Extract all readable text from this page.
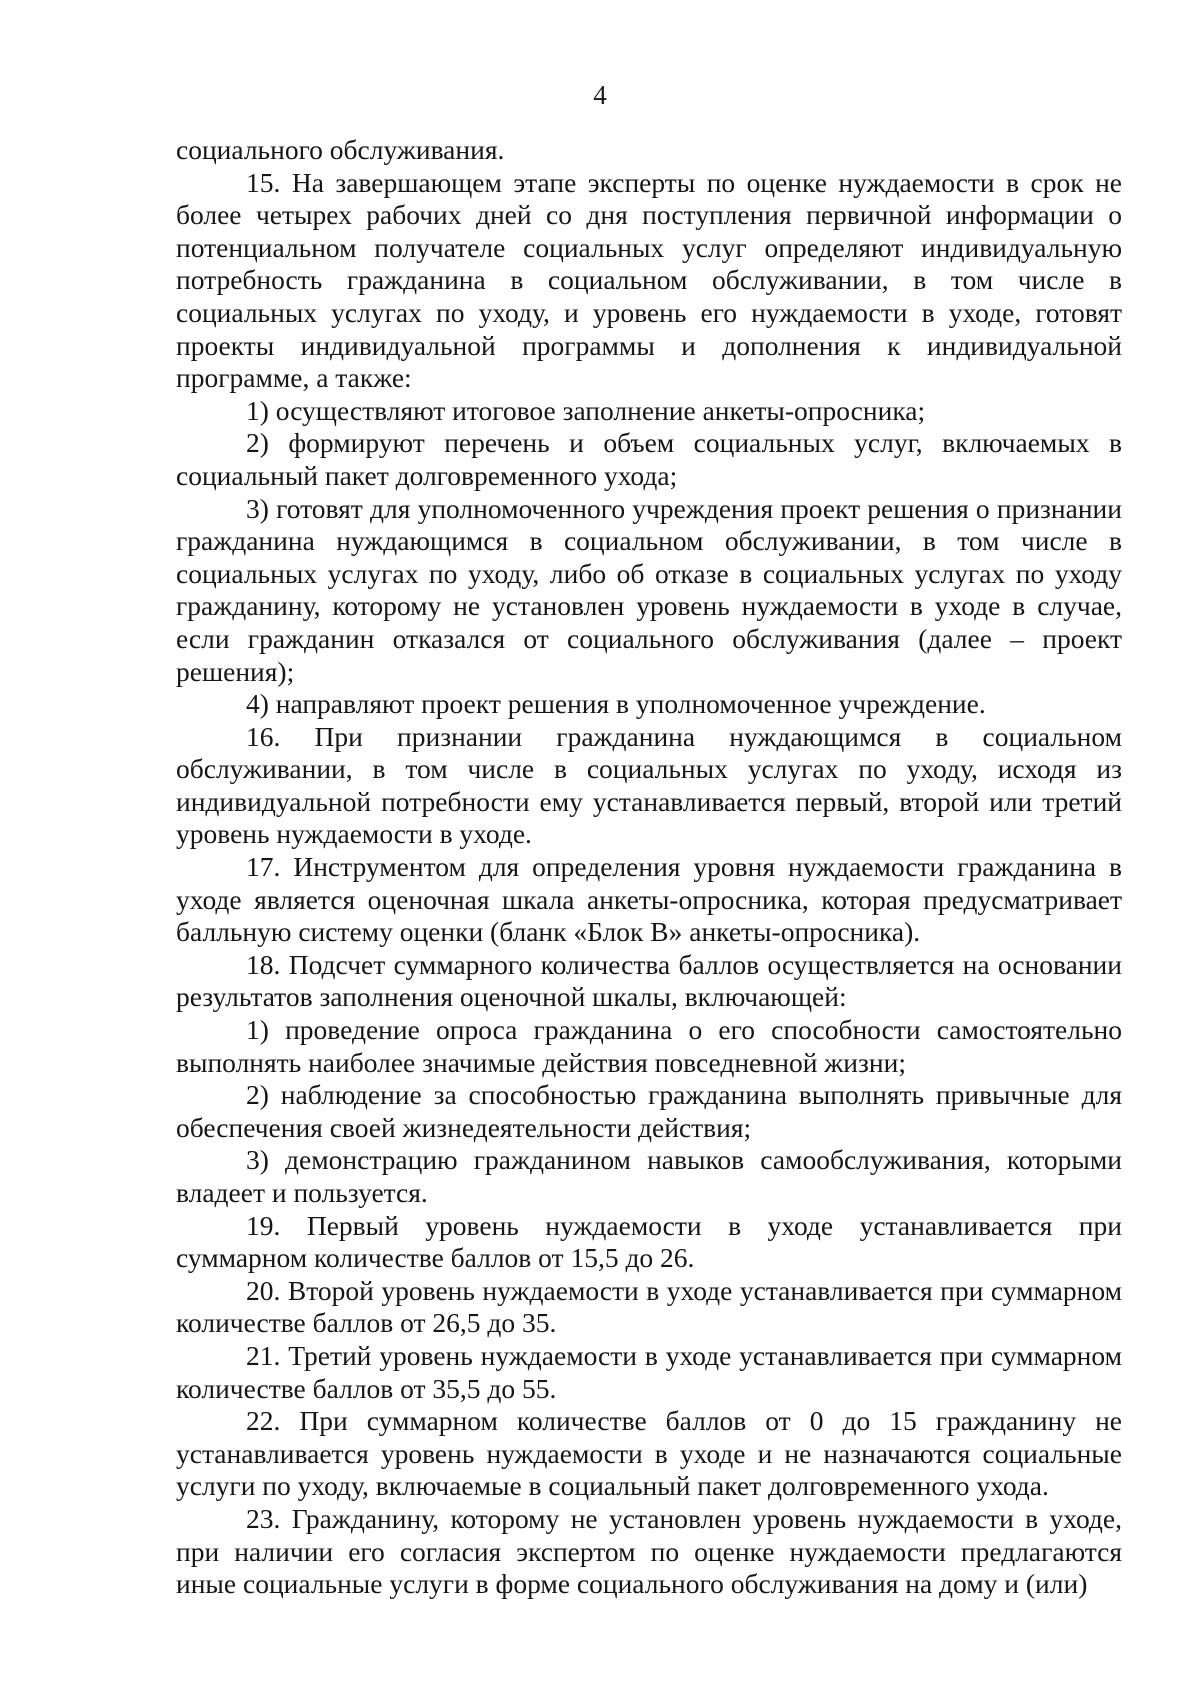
4

социального обслуживания.

15. На завершающем этапе эксперты по оценке нуждаемости в срок не более четырех рабочих дней со дня поступления первичной информации о потенциальном получателе социальных услуг определяют индивидуальную потребность гражданина в социальном обслуживании, в том числе в социальных услугах по уходу, и уровень его нуждаемости в уходе, готовят проекты индивидуальной программы и дополнения к индивидуальной программе, а также:

1) осуществляют итоговое заполнение анкеты-опросника;

2) формируют перечень и объем социальных услуг, включаемых в социальный пакет долговременного ухода;

3) готовят для уполномоченного учреждения проект решения о признании гражданина нуждающимся в социальном обслуживании, в том числе в социальных услугах по уходу, либо об отказе в социальных услугах по уходу гражданину, которому не установлен уровень нуждаемости в уходе в случае, если гражданин отказался от социального обслуживания (далее – проект решения);

4) направляют проект решения в уполномоченное учреждение.

16. При признании гражданина нуждающимся в социальном обслуживании, в том числе в социальных услугах по уходу, исходя из индивидуальной потребности ему устанавливается первый, второй или третий уровень нуждаемости в уходе.

17. Инструментом для определения уровня нуждаемости гражданина в уходе является оценочная шкала анкеты-опросника, которая предусматривает балльную систему оценки (бланк «Блок В» анкеты-опросника).

18. Подсчет суммарного количества баллов осуществляется на основании результатов заполнения оценочной шкалы, включающей:

1) проведение опроса гражданина о его способности самостоятельно выполнять наиболее значимые действия повседневной жизни;

2) наблюдение за способностью гражданина выполнять привычные для обеспечения своей жизнедеятельности действия;

3) демонстрацию гражданином навыков самообслуживания, которыми владеет и пользуется.

19. Первый уровень нуждаемости в уходе устанавливается при суммарном количестве баллов от 15,5 до 26.

20. Второй уровень нуждаемости в уходе устанавливается при суммарном количестве баллов от 26,5 до 35.

21. Третий уровень нуждаемости в уходе устанавливается при суммарном количестве баллов от 35,5 до 55.

22. При суммарном количестве баллов от 0 до 15 гражданину не устанавливается уровень нуждаемости в уходе и не назначаются социальные услуги по уходу, включаемые в социальный пакет долговременного ухода.

23. Гражданину, которому не установлен уровень нуждаемости в уходе, при наличии его согласия экспертом по оценке нуждаемости предлагаются иные социальные услуги в форме социального обслуживания на дому и (или)
